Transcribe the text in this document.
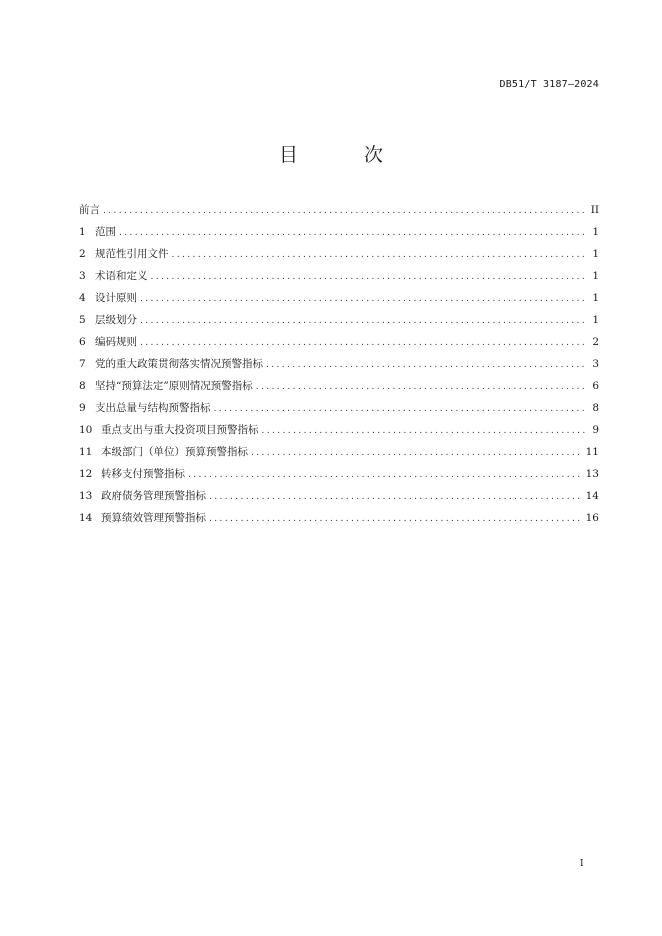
DB51/T 3187—2024
目 次
前言 .....	II
1 范围 .....	1
2 规范性引用文件 .....	1
3 术语和定义 .....	1
4 设计原则 .....	1
5 层级划分 .....	1
6 编码规则 .....	2
7 党的重大政策贯彻落实情况预警指标 .....	3
8 坚持“预算法定”原则情况预警指标 .....	6
9 支出总量与结构预警指标 .....	8
10 重点支出与重大投资项目预警指标 .....	9
11 本级部门（单位）预算预警指标 .....	11
12 转移支付预警指标 .....	13
13 政府债务管理预警指标 .....	14
14 预算绩效管理预警指标 .....	16
I
